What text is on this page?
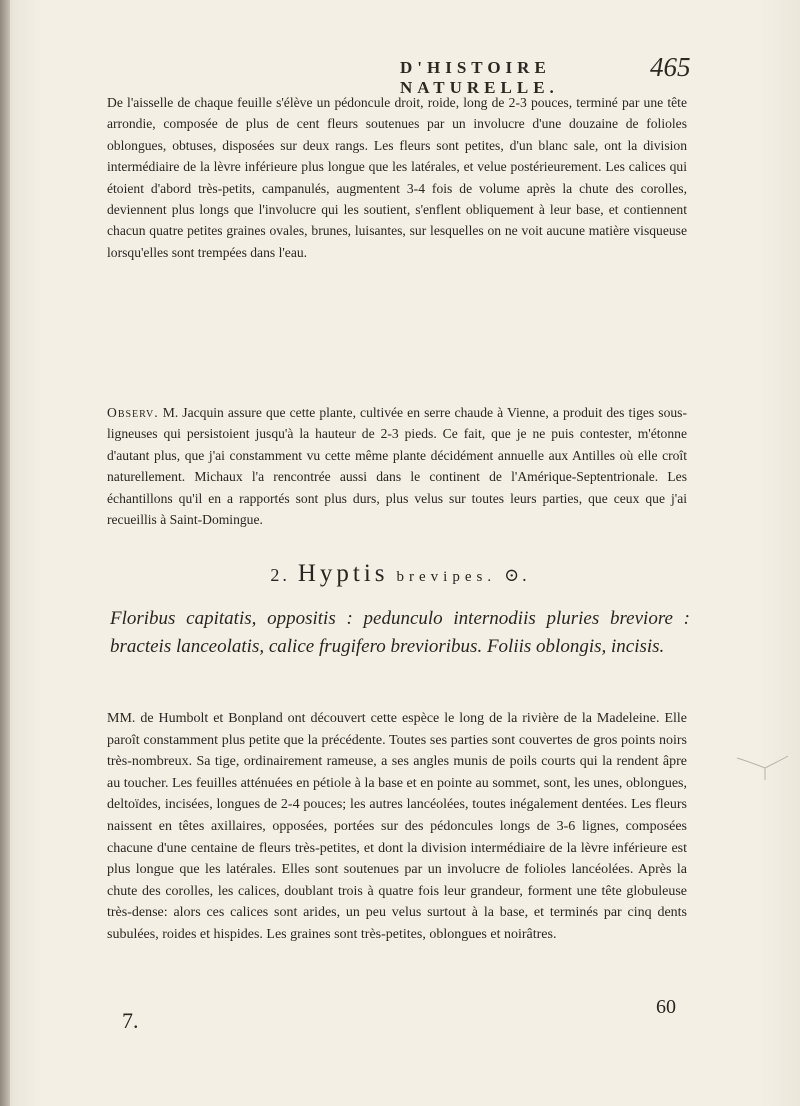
D'HISTOIRE NATURELLE.
465
De l'aisselle de chaque feuille s'élève un pédoncule droit, roide, long de 2-3 pouces, terminé par une tête arrondie, composée de plus de cent fleurs soutenues par un involucre d'une douzaine de folioles oblongues, obtuses, disposées sur deux rangs. Les fleurs sont petites, d'un blanc sale, ont la division intermédiaire de la lèvre inférieure plus longue que les latérales, et velue postérieurement. Les calices qui étoient d'abord très-petits, campanulés, augmentent 3-4 fois de volume après la chute des corolles, deviennent plus longs que l'involucre qui les soutient, s'enflent obliquement à leur base, et contiennent chacun quatre petites graines ovales, brunes, luisantes, sur lesquelles on ne voit aucune matière visqueuse lorsqu'elles sont trempées dans l'eau.
Observ. M. Jacquin assure que cette plante, cultivée en serre chaude à Vienne, a produit des tiges sous-ligneuses qui persistoient jusqu'à la hauteur de 2-3 pieds. Ce fait, que je ne puis contester, m'étonne d'autant plus, que j'ai constamment vu cette même plante décidément annuelle aux Antilles où elle croît naturellement. Michaux l'a rencontrée aussi dans le continent de l'Amérique-Septentrionale. Les échantillons qu'il en a rapportés sont plus durs, plus velus sur toutes leurs parties, que ceux que j'ai recueillis à Saint-Domingue.
2. Hyptis brevipes. ⊙.
Floribus capitatis, oppositis : pedunculo internodiis pluries breviore : bracteis lanceolatis, calice frugifero brevioribus. Foliis oblongis, incisis.
MM. de Humbolt et Bonpland ont découvert cette espèce le long de la rivière de la Madeleine. Elle paroît constamment plus petite que la précédente. Toutes ses parties sont couvertes de gros points noirs très-nombreux. Sa tige, ordinairement rameuse, a ses angles munis de poils courts qui la rendent âpre au toucher. Les feuilles atténuées en pétiole à la base et en pointe au sommet, sont, les unes, oblongues, deltoïdes, incisées, longues de 2-4 pouces; les autres lancéolées, toutes inégalement dentées. Les fleurs naissent en têtes axillaires, opposées, portées sur des pédoncules longs de 3-6 lignes, composées chacune d'une centaine de fleurs très-petites, et dont la division intermédiaire de la lèvre inférieure est plus longue que les latérales. Elles sont soutenues par un involucre de folioles lancéolées. Après la chute des corolles, les calices, doublant trois à quatre fois leur grandeur, forment une tête globuleuse très-dense: alors ces calices sont arides, un peu velus surtout à la base, et terminés par cinq dents subulées, roides et hispides. Les graines sont très-petites, oblongues et noirâtres.
7.
60
